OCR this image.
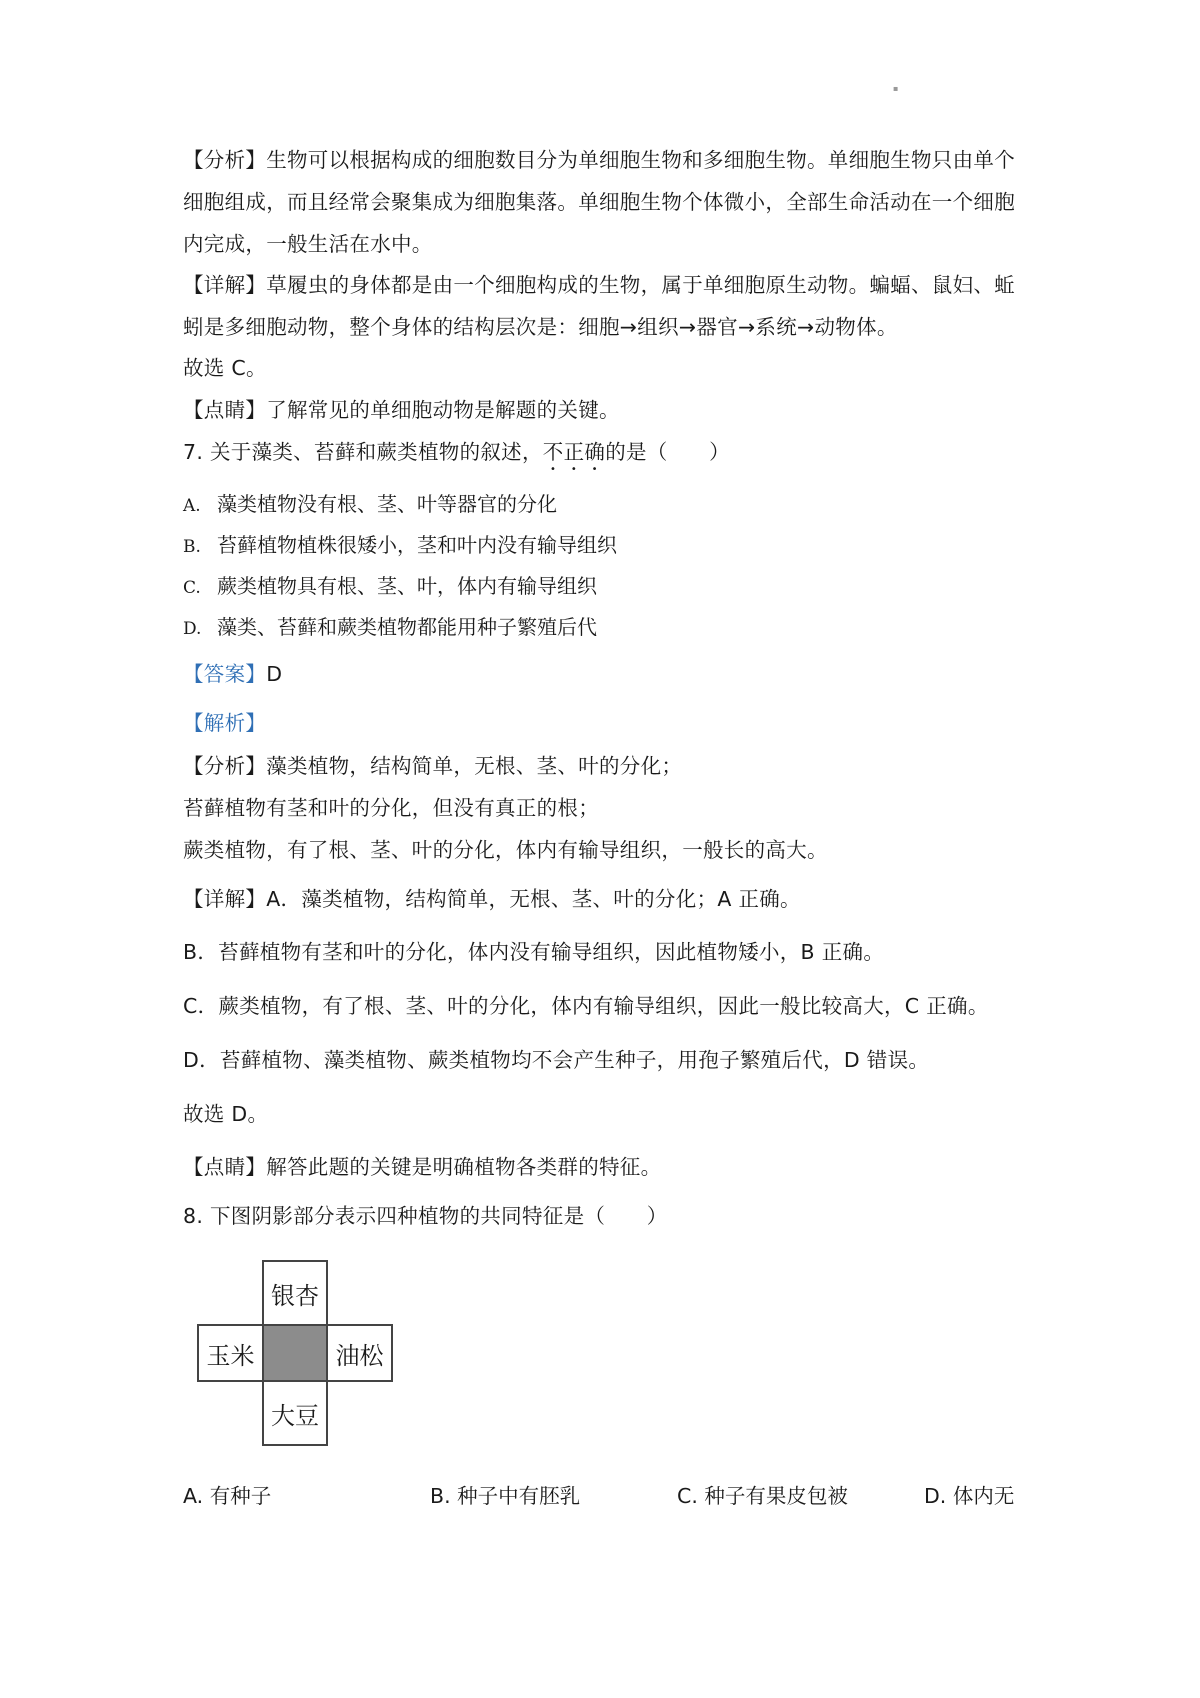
▪
【分析】生物可以根据构成的细胞数目分为单细胞生物和多细胞生物。单细胞生物只由单个
细胞组成，而且经常会聚集成为细胞集落。单细胞生物个体微小，全部生命活动在一个细胞
内完成，一般生活在水中。
【详解】草履虫的身体都是由一个细胞构成的生物，属于单细胞原生动物。蝙蝠、鼠妇、蚯
蚓是多细胞动物，整个身体的结构层次是：细胞→组织→器官→系统→动物体。
故选 C。
【点睛】了解常见的单细胞动物是解题的关键。
7. 关于藻类、苔藓和蕨类植物的叙述，不正确的是（　　）
A. 藻类植物没有根、茎、叶等器官的分化
B. 苔藓植物植株很矮小，茎和叶内没有输导组织
C. 蕨类植物具有根、茎、叶，体内有输导组织
D. 藻类、苔藓和蕨类植物都能用种子繁殖后代
【答案】D
【解析】
【分析】藻类植物，结构简单，无根、茎、叶的分化；
苔藓植物有茎和叶的分化，但没有真正的根；
蕨类植物，有了根、茎、叶的分化，体内有输导组织，一般长的高大。
【详解】A．藻类植物，结构简单，无根、茎、叶的分化；A 正确。
B．苔藓植物有茎和叶的分化，体内没有输导组织，因此植物矮小，B 正确。
C．蕨类植物，有了根、茎、叶的分化，体内有输导组织，因此一般比较高大，C 正确。
D．苔藓植物、藻类植物、蕨类植物均不会产生种子，用孢子繁殖后代，D 错误。
故选 D。
【点睛】解答此题的关键是明确植物各类群的特征。
8. 下图阴影部分表示四种植物的共同特征是（　　）
银杏
玉米	油松
大豆
A. 有种子	B. 种子中有胚乳	C. 种子有果皮包被	D. 体内无
